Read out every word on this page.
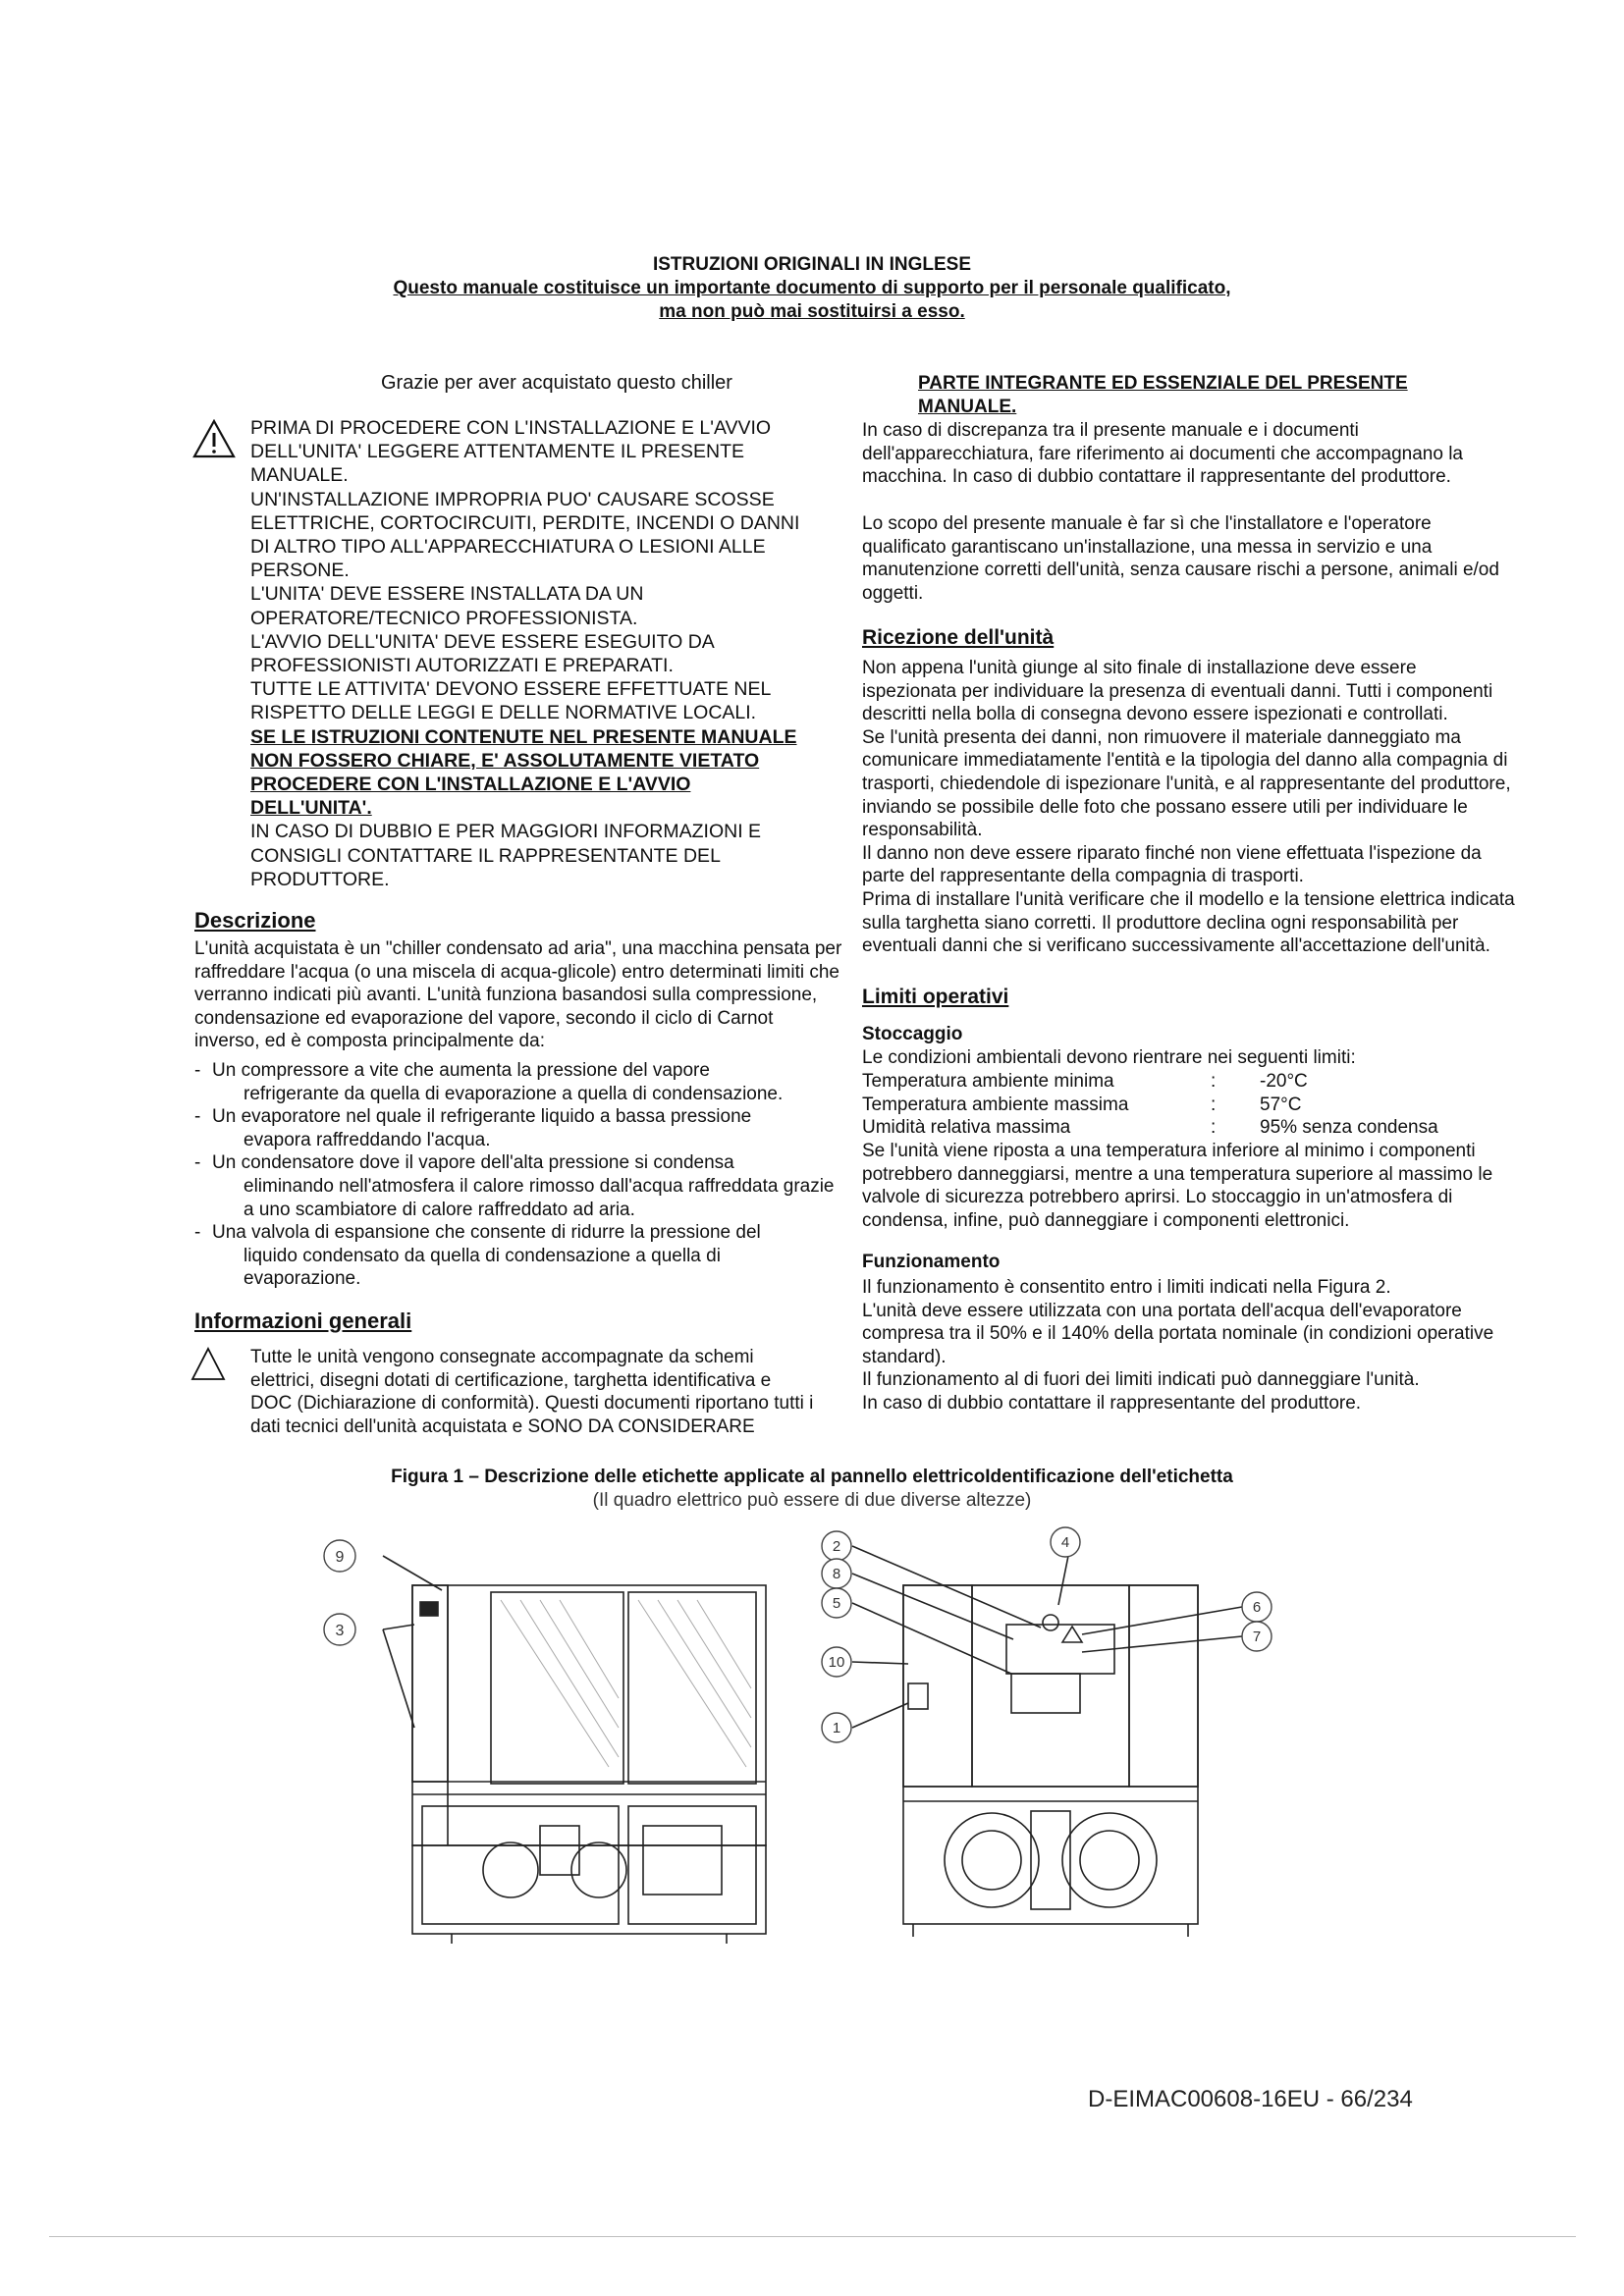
ISTRUZIONI ORIGINALI IN INGLESE
Questo manuale costituisce un importante documento di supporto per il personale qualificato,
ma non può mai sostituirsi a esso.
Grazie per aver acquistato questo chiller

PRIMA DI PROCEDERE CON L'INSTALLAZIONE E L'AVVIO

DELL'UNITA' LEGGERE ATTENTAMENTE IL PRESENTE

MANUALE.

UN'INSTALLAZIONE IMPROPRIA PUO' CAUSARE SCOSSE

ELETTRICHE, CORTOCIRCUITI, PERDITE, INCENDI O DANNI

DI ALTRO TIPO ALL'APPARECCHIATURA O LESIONI ALLE

PERSONE.

L'UNITA' DEVE ESSERE INSTALLATA DA UN

OPERATORE/TECNICO PROFESSIONISTA.

L'AVVIO DELL'UNITA' DEVE ESSERE ESEGUITO DA

PROFESSIONISTI AUTORIZZATI E PREPARATI.

TUTTE LE ATTIVITA' DEVONO ESSERE EFFETTUATE NEL

RISPETTO DELLE LEGGI E DELLE NORMATIVE LOCALI.

SE LE ISTRUZIONI CONTENUTE NEL PRESENTE MANUALE

NON FOSSERO CHIARE, E' ASSOLUTAMENTE VIETATO

PROCEDERE CON L'INSTALLAZIONE E L'AVVIO

DELL'UNITA'.

IN CASO DI DUBBIO E PER MAGGIORI INFORMAZIONI E

CONSIGLI CONTATTARE IL RAPPRESENTANTE DEL

PRODUTTORE.

Descrizione

L'unità acquistata è un "chiller condensato ad aria", una macchina pensata per

raffreddare l'acqua (o una miscela di acqua-glicole) entro determinati limiti che

verranno indicati più avanti. L'unità funziona basandosi sulla compressione,

condensazione ed evaporazione del vapore, secondo il ciclo di Carnot

inverso, ed è composta principalmente da:

- Un compressore a vite che aumenta la pressione del vapore

refrigerante da quella di evaporazione a quella di condensazione.

- Un evaporatore nel quale il refrigerante liquido a bassa pressione

evapora raffreddando l'acqua.

- Un condensatore dove il vapore dell'alta pressione si condensa

eliminando nell'atmosfera il calore rimosso dall'acqua raffreddata grazie

a uno scambiatore di calore raffreddato ad aria.

- Una valvola di espansione che consente di ridurre la pressione del

liquido condensato da quella di condensazione a quella di

evaporazione.

Informazioni generali

Tutte le unità vengono consegnate accompagnate da schemi

elettrici, disegni dotati di certificazione, targhetta identificativa e

DOC (Dichiarazione di conformità). Questi documenti riportano tutti i

dati tecnici dell'unità acquistata e SONO DA CONSIDERARE

PARTE INTEGRANTE ED ESSENZIALE DEL PRESENTE

MANUALE.

In caso di discrepanza tra il presente manuale e i documenti

dell'apparecchiatura, fare riferimento ai documenti che accompagnano la

macchina. In caso di dubbio contattare il rappresentante del produttore.

Lo scopo del presente manuale è far sì che l'installatore e l'operatore

qualificato garantiscano un'installazione, una messa in servizio e una

manutenzione corretti dell'unità, senza causare rischi a persone, animali e/od

oggetti.

Ricezione dell'unità

Non appena l'unità giunge al sito finale di installazione deve essere

ispezionata per individuare la presenza di eventuali danni. Tutti i componenti

descritti nella bolla di consegna devono essere ispezionati e controllati.

Se l'unità presenta dei danni, non rimuovere il materiale danneggiato ma

comunicare immediatamente l'entità e la tipologia del danno alla compagnia di

trasporti, chiedendole di ispezionare l'unità, e al rappresentante del produttore,

inviando se possibile delle foto che possano essere utili per individuare le

responsabilità.

Il danno non deve essere riparato finché non viene effettuata l'ispezione da

parte del rappresentante della compagnia di trasporti.

Prima di installare l'unità verificare che il modello e la tensione elettrica indicata

sulla targhetta siano corretti. Il produttore declina ogni responsabilità per

eventuali danni che si verificano successivamente all'accettazione dell'unità.

Limiti operativi
Stoccaggio
Le condizioni ambientali devono rientrare nei seguenti limiti:
Temperatura ambiente minima	:	-20°C
Temperatura ambiente massima	:	57°C
Umidità relativa massima	:	95% senza condensa

Se l'unità viene riposta a una temperatura inferiore al minimo i componenti

potrebbero danneggiarsi, mentre a una temperatura superiore al massimo le

valvole di sicurezza potrebbero aprirsi. Lo stoccaggio in un'atmosfera di

condensa, infine, può danneggiare i componenti elettronici.

Funzionamento

Il funzionamento è consentito entro i limiti indicati nella Figura 2.

L'unità deve essere utilizzata con una portata dell'acqua dell'evaporatore

compresa tra il 50% e il 140% della portata nominale (in condizioni operative

standard).

Il funzionamento al di fuori dei limiti indicati può danneggiare l'unità.

In caso di dubbio contattare il rappresentante del produttore.

Figura 1 – Descrizione delle etichette applicate al pannello elettricoIdentificazione dell'etichetta
(Il quadro elettrico può essere di due diverse altezze)
9
3
2
8
5
10
1
4
6
7
D-EIMAC00608-16EU - 66/234
